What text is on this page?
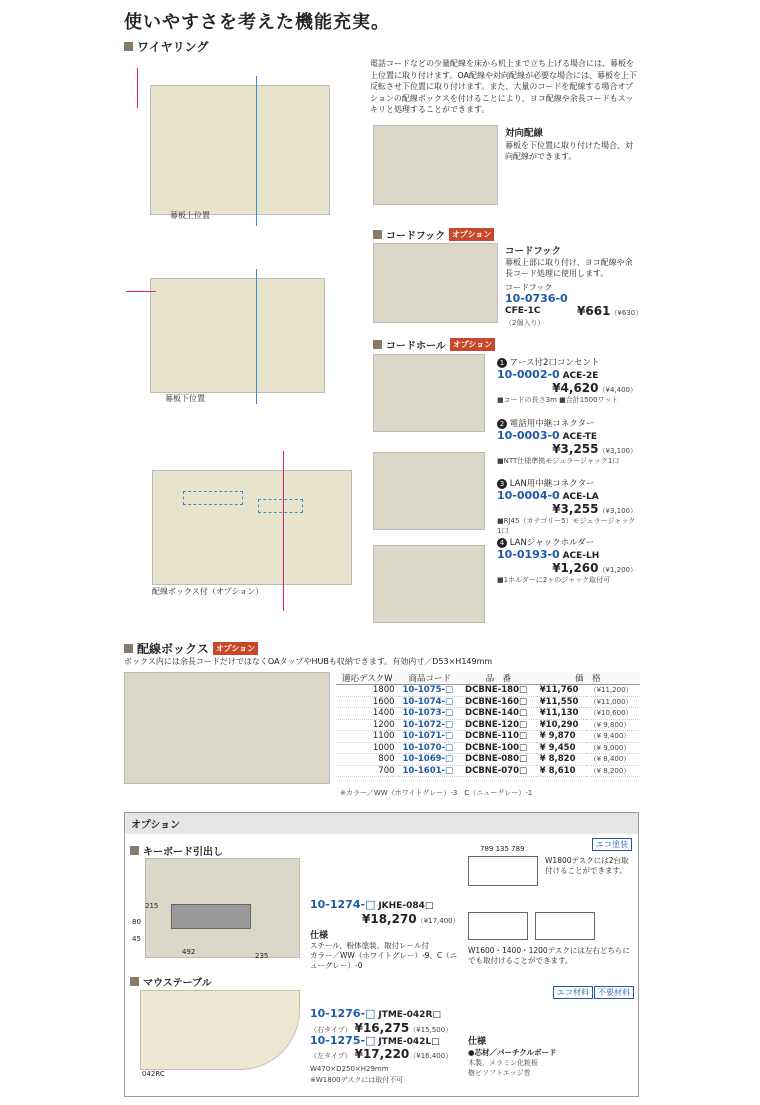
使いやすさを考えた機能充実。
ワイヤリング
幕板上位置
幕板下位置
配線ボックス付（オプション）
電話コードなどの少量配線を床から机上まで立ち上げる場合には、幕板を上位置に取り付けます。OA配線や対向配線が必要な場合には、幕板を上下反転させ下位置に取り付けます。また、大量のコードを配線する場合オプションの配線ボックスを付けることにより、ヨコ配線や余長コードもスッキリと処理することができます。
対向配線
幕板を下位置に取り付けた場合、対向配線ができます。
コードフック オプション
コードフック
幕板上部に取り付け、ヨコ配線や余長コード処理に使用します。
コードフック
10-0736-0
CFE-1C
（2個入り）
¥661（¥630）
コードホール オプション
1 アース付2口コンセント
10-0002-0 ACE-2E
¥4,620（¥4,400）
■コードの長さ3m ■合計1500ワット
2 電話用中継コネクター
10-0003-0 ACE-TE
¥3,255（¥3,100）
■NTT仕様準拠モジュラージャック1口
3 LAN用中継コネクター
10-0004-0 ACE-LA
¥3,255（¥3,100）
■RJ45（カテゴリー5）モジュラージャック1口
4 LANジャックホルダー
10-0193-0 ACE-LH
¥1,260（¥1,200）
■1ホルダーに2ヶのジャック取付可
配線ボックス オプション
ボックス内には余長コードだけではなくOAタップやHUBも収納できます。有効内寸／D53×H149mm
適応デスクW	商品コード	品　番	価　格	
1800	10-1075-□	DCBNE-180□	¥11,760	（¥11,200）
1600	10-1074-□	DCBNE-160□	¥11,550	（¥11,000）
1400	10-1073-□	DCBNE-140□	¥11,130	（¥10,600）
1200	10-1072-□	DCBNE-120□	¥10,290	（¥ 9,800）
1100	10-1071-□	DCBNE-110□	¥ 9,870	（¥ 9,400）
1000	10-1070-□	DCBNE-100□	¥ 9,450	（¥ 9,000）
800	10-1069-□	DCBNE-080□	¥ 8,820	（¥ 8,400）
700	10-1601-□	DCBNE-070□	¥ 8,610	（¥ 8,200）
※カラー／WW（ホワイトグレー）-3　C（ニューグレー）-1
オプション
キーボード引出し
エコ塗装
215
80
45
492	235
10-1274-□ JKHE-084□
¥18,270（¥17,400）
仕様
スチール、粉体塗装、取付レール付
カラー／WW（ホワイトグレー）-9、C（ニューグレー）-0
789 135 789
W1800デスクには2台取付けることができます。
W1600・1400・1200デスクには左右どちらにでも取付けることができます。
マウステーブル
エコ材料	不要材料
042RC
10-1276-□ JTME-042R□
（右タイプ） ¥16,275（¥15,500）
10-1275-□ JTME-042L□
（左タイプ） ¥17,220（¥16,400）
W470×D250×H29mm
※W1800デスクには取付不可
仕様
●芯材／パーチクルボード
木製、メラミン化粧板
樹ビソフトエッジ巻
